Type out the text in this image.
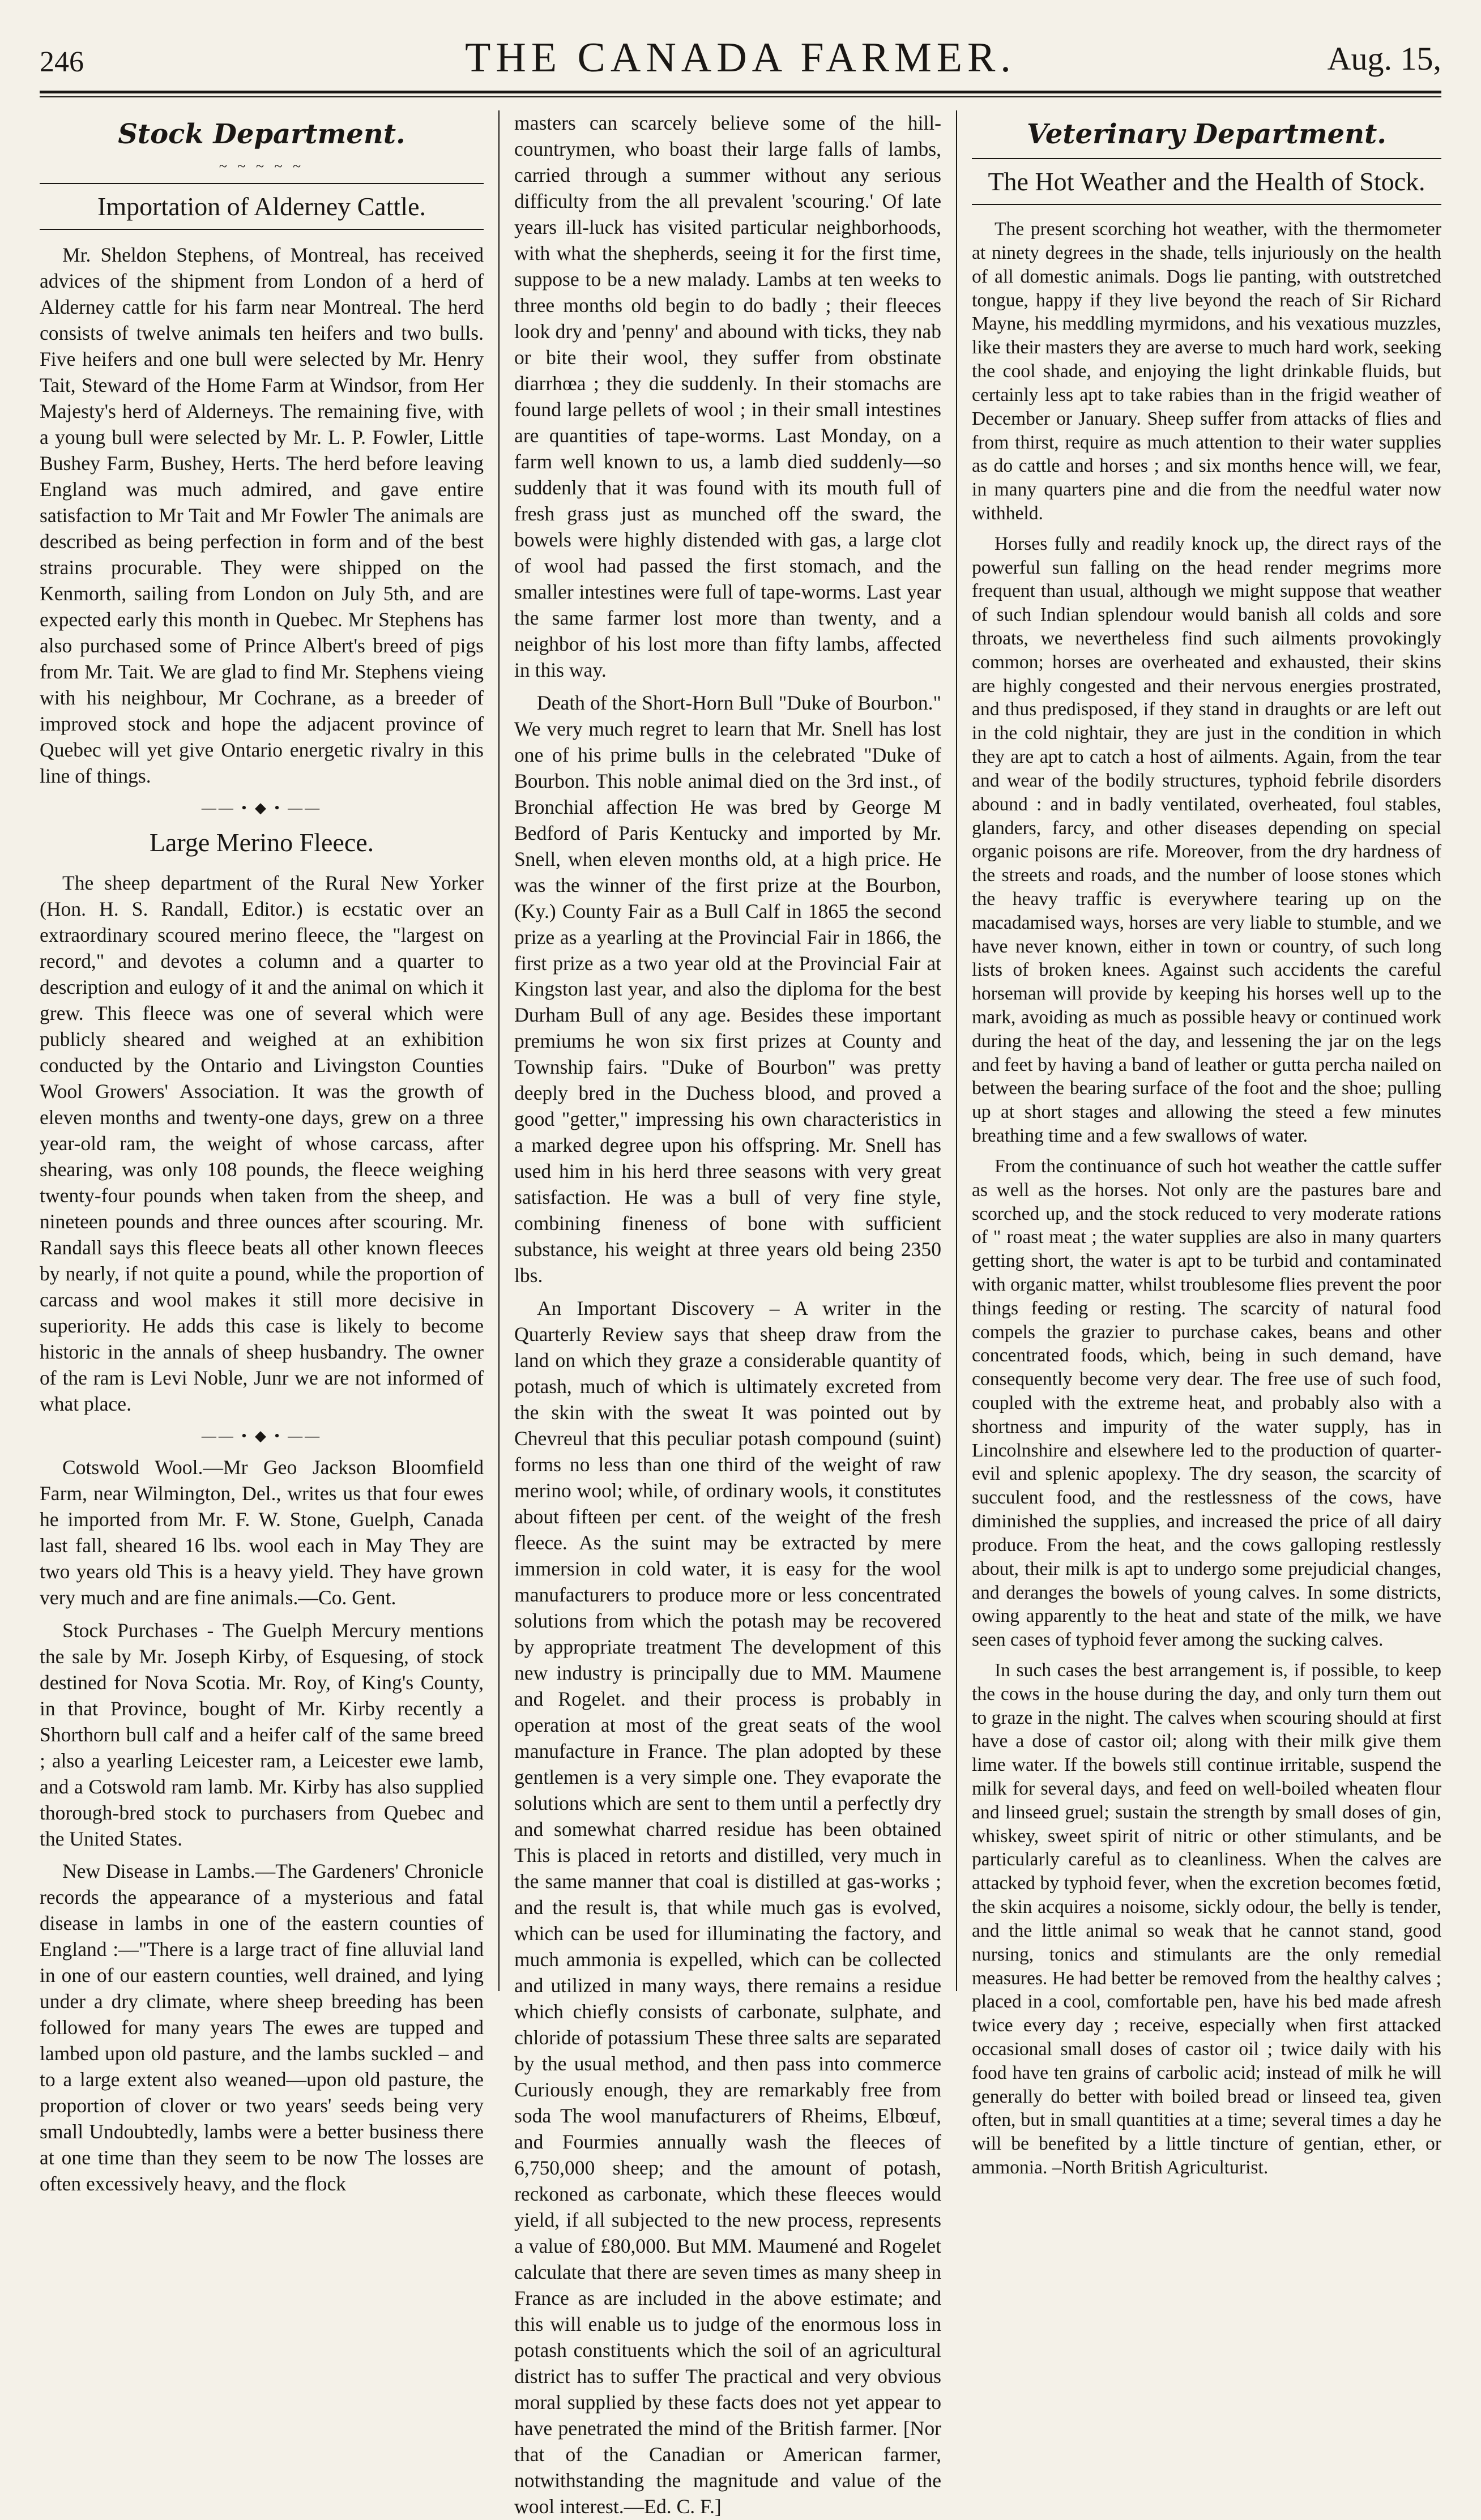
246	THE CANADA FARMER.	Aug. 15,
Stock Department.
~ ~ ~ ~ ~
Importation of Alderney Cattle.

Mr. Sheldon Stephens, of Montreal, has received advices of the shipment from London of a herd of Alderney cattle for his farm near Montreal. The herd consists of twelve animals ten heifers and two bulls. Five heifers and one bull were selected by Mr. Henry Tait, Steward of the Home Farm at Windsor, from Her Majesty's herd of Alderneys. The remaining five, with a young bull were selected by Mr. L. P. Fowler, Little Bushey Farm, Bushey, Herts. The herd before leaving England was much admired, and gave entire satisfaction to Mr Tait and Mr Fowler The animals are described as being perfection in form and of the best strains procurable. They were shipped on the Kenmorth, sailing from London on July 5th, and are expected early this month in Quebec. Mr Stephens has also purchased some of Prince Albert's breed of pigs from Mr. Tait. We are glad to find Mr. Stephens vieing with his neighbour, Mr Cochrane, as a breeder of improved stock and hope the adjacent province of Quebec will yet give Ontario energetic rivalry in this line of things.

—— • ◆ • ——
Large Merino Fleece.

The sheep department of the Rural New Yorker (Hon. H. S. Randall, Editor.) is ecstatic over an extraordinary scoured merino fleece, the "largest on record," and devotes a column and a quarter to description and eulogy of it and the animal on which it grew. This fleece was one of several which were publicly sheared and weighed at an exhibition conducted by the Ontario and Livingston Counties Wool Growers' Association. It was the growth of eleven months and twenty-one days, grew on a three year-old ram, the weight of whose carcass, after shearing, was only 108 pounds, the fleece weighing twenty-four pounds when taken from the sheep, and nineteen pounds and three ounces after scouring. Mr. Randall says this fleece beats all other known fleeces by nearly, if not quite a pound, while the proportion of carcass and wool makes it still more decisive in superiority. He adds this case is likely to become historic in the annals of sheep husbandry. The owner of the ram is Levi Noble, Junr we are not informed of what place.

—— • ◆ • ——

Cotswold Wool.—Mr Geo Jackson Bloomfield Farm, near Wilmington, Del., writes us that four ewes he imported from Mr. F. W. Stone, Guelph, Canada last fall, sheared 16 lbs. wool each in May They are two years old This is a heavy yield. They have grown very much and are fine animals.—Co. Gent.

Stock Purchases - The Guelph Mercury mentions the sale by Mr. Joseph Kirby, of Esquesing, of stock destined for Nova Scotia. Mr. Roy, of King's County, in that Province, bought of Mr. Kirby recently a Shorthorn bull calf and a heifer calf of the same breed ; also a yearling Leicester ram, a Leicester ewe lamb, and a Cotswold ram lamb. Mr. Kirby has also supplied thorough-bred stock to purchasers from Quebec and the United States.

New Disease in Lambs.—The Gardeners' Chronicle records the appearance of a mysterious and fatal disease in lambs in one of the eastern counties of England :—"There is a large tract of fine alluvial land in one of our eastern counties, well drained, and lying under a dry climate, where sheep breeding has been followed for many years The ewes are tupped and lambed upon old pasture, and the lambs suckled – and to a large extent also weaned—upon old pasture, the proportion of clover or two years' seeds being very small Undoubtedly, lambs were a better business there at one time than they seem to be now The losses are often excessively heavy, and the flock

masters can scarcely believe some of the hill-countrymen, who boast their large falls of lambs, carried through a summer without any serious difficulty from the all prevalent 'scouring.' Of late years ill-luck has visited particular neighborhoods, with what the shepherds, seeing it for the first time, suppose to be a new malady. Lambs at ten weeks to three months old begin to do badly ; their fleeces look dry and 'penny' and abound with ticks, they nab or bite their wool, they suffer from obstinate diarrhœa ; they die suddenly. In their stomachs are found large pellets of wool ; in their small intestines are quantities of tape-worms. Last Monday, on a farm well known to us, a lamb died suddenly—so suddenly that it was found with its mouth full of fresh grass just as munched off the sward, the bowels were highly distended with gas, a large clot of wool had passed the first stomach, and the smaller intestines were full of tape-worms. Last year the same farmer lost more than twenty, and a neighbor of his lost more than fifty lambs, affected in this way.

Death of the Short-Horn Bull "Duke of Bourbon." We very much regret to learn that Mr. Snell has lost one of his prime bulls in the celebrated "Duke of Bourbon. This noble animal died on the 3rd inst., of Bronchial affection He was bred by George M Bedford of Paris Kentucky and imported by Mr. Snell, when eleven months old, at a high price. He was the winner of the first prize at the Bourbon, (Ky.) County Fair as a Bull Calf in 1865 the second prize as a yearling at the Provincial Fair in 1866, the first prize as a two year old at the Provincial Fair at Kingston last year, and also the diploma for the best Durham Bull of any age. Besides these important premiums he won six first prizes at County and Township fairs. "Duke of Bourbon" was pretty deeply bred in the Duchess blood, and proved a good "getter," impressing his own characteristics in a marked degree upon his offspring. Mr. Snell has used him in his herd three seasons with very great satisfaction. He was a bull of very fine style, combining fineness of bone with sufficient substance, his weight at three years old being 2350 lbs.

An Important Discovery – A writer in the Quarterly Review says that sheep draw from the land on which they graze a considerable quantity of potash, much of which is ultimately excreted from the skin with the sweat It was pointed out by Chevreul that this peculiar potash compound (suint) forms no less than one third of the weight of raw merino wool; while, of ordinary wools, it constitutes about fifteen per cent. of the weight of the fresh fleece. As the suint may be extracted by mere immersion in cold water, it is easy for the wool manufacturers to produce more or less concentrated solutions from which the potash may be recovered by appropriate treatment The development of this new industry is principally due to MM. Maumene and Rogelet. and their process is probably in operation at most of the great seats of the wool manufacture in France. The plan adopted by these gentlemen is a very simple one. They evaporate the solutions which are sent to them until a perfectly dry and somewhat charred residue has been obtained This is placed in retorts and distilled, very much in the same manner that coal is distilled at gas-works ; and the result is, that while much gas is evolved, which can be used for illuminating the factory, and much ammonia is expelled, which can be collected and utilized in many ways, there remains a residue which chiefly consists of carbonate, sulphate, and chloride of potassium These three salts are separated by the usual method, and then pass into commerce Curiously enough, they are remarkably free from soda The wool manufacturers of Rheims, Elbœuf, and Fourmies annually wash the fleeces of 6,750,000 sheep; and the amount of potash, reckoned as carbonate, which these fleeces would yield, if all subjected to the new process, represents a value of £80,000. But MM. Maumené and Rogelet calculate that there are seven times as many sheep in France as are included in the above estimate; and this will enable us to judge of the enormous loss in potash constituents which the soil of an agricultural district has to suffer The practical and very obvious moral supplied by these facts does not yet appear to have penetrated the mind of the British farmer. [Nor that of the Canadian or American farmer, notwithstanding the magnitude and value of the wool interest.—Ed. C. F.]

Veterinary Department.
The Hot Weather and the Health of Stock.

The present scorching hot weather, with the thermometer at ninety degrees in the shade, tells injuriously on the health of all domestic animals. Dogs lie panting, with outstretched tongue, happy if they live beyond the reach of Sir Richard Mayne, his meddling myrmidons, and his vexatious muzzles, like their masters they are averse to much hard work, seeking the cool shade, and enjoying the light drinkable fluids, but certainly less apt to take rabies than in the frigid weather of December or January. Sheep suffer from attacks of flies and from thirst, require as much attention to their water supplies as do cattle and horses ; and six months hence will, we fear, in many quarters pine and die from the needful water now withheld.

Horses fully and readily knock up, the direct rays of the powerful sun falling on the head render megrims more frequent than usual, although we might suppose that weather of such Indian splendour would banish all colds and sore throats, we nevertheless find such ailments provokingly common; horses are overheated and exhausted, their skins are highly congested and their nervous energies prostrated, and thus predisposed, if they stand in draughts or are left out in the cold nightair, they are just in the condition in which they are apt to catch a host of ailments. Again, from the tear and wear of the bodily structures, typhoid febrile disorders abound : and in badly ventilated, overheated, foul stables, glanders, farcy, and other diseases depending on special organic poisons are rife. Moreover, from the dry hardness of the streets and roads, and the number of loose stones which the heavy traffic is everywhere tearing up on the macadamised ways, horses are very liable to stumble, and we have never known, either in town or country, of such long lists of broken knees. Against such accidents the careful horseman will provide by keeping his horses well up to the mark, avoiding as much as possible heavy or continued work during the heat of the day, and lessening the jar on the legs and feet by having a band of leather or gutta percha nailed on between the bearing surface of the foot and the shoe; pulling up at short stages and allowing the steed a few minutes breathing time and a few swallows of water.

From the continuance of such hot weather the cattle suffer as well as the horses. Not only are the pastures bare and scorched up, and the stock reduced to very moderate rations of " roast meat ; the water supplies are also in many quarters getting short, the water is apt to be turbid and contaminated with organic matter, whilst troublesome flies prevent the poor things feeding or resting. The scarcity of natural food compels the grazier to purchase cakes, beans and other concentrated foods, which, being in such demand, have consequently become very dear. The free use of such food, coupled with the extreme heat, and probably also with a shortness and impurity of the water supply, has in Lincolnshire and elsewhere led to the production of quarter-evil and splenic apoplexy. The dry season, the scarcity of succulent food, and the restlessness of the cows, have diminished the supplies, and increased the price of all dairy produce. From the heat, and the cows galloping restlessly about, their milk is apt to undergo some prejudicial changes, and deranges the bowels of young calves. In some districts, owing apparently to the heat and state of the milk, we have seen cases of typhoid fever among the sucking calves.

In such cases the best arrangement is, if possible, to keep the cows in the house during the day, and only turn them out to graze in the night. The calves when scouring should at first have a dose of castor oil; along with their milk give them lime water. If the bowels still continue irritable, suspend the milk for several days, and feed on well-boiled wheaten flour and linseed gruel; sustain the strength by small doses of gin, whiskey, sweet spirit of nitric or other stimulants, and be particularly careful as to cleanliness. When the calves are attacked by typhoid fever, when the excretion becomes fœtid, the skin acquires a noisome, sickly odour, the belly is tender, and the little animal so weak that he cannot stand, good nursing, tonics and stimulants are the only remedial measures. He had better be removed from the healthy calves ; placed in a cool, comfortable pen, have his bed made afresh twice every day ; receive, especially when first attacked occasional small doses of castor oil ; twice daily with his food have ten grains of carbolic acid; instead of milk he will generally do better with boiled bread or linseed tea, given often, but in small quantities at a time; several times a day he will be benefited by a little tincture of gentian, ether, or ammonia. –North British Agriculturist.
